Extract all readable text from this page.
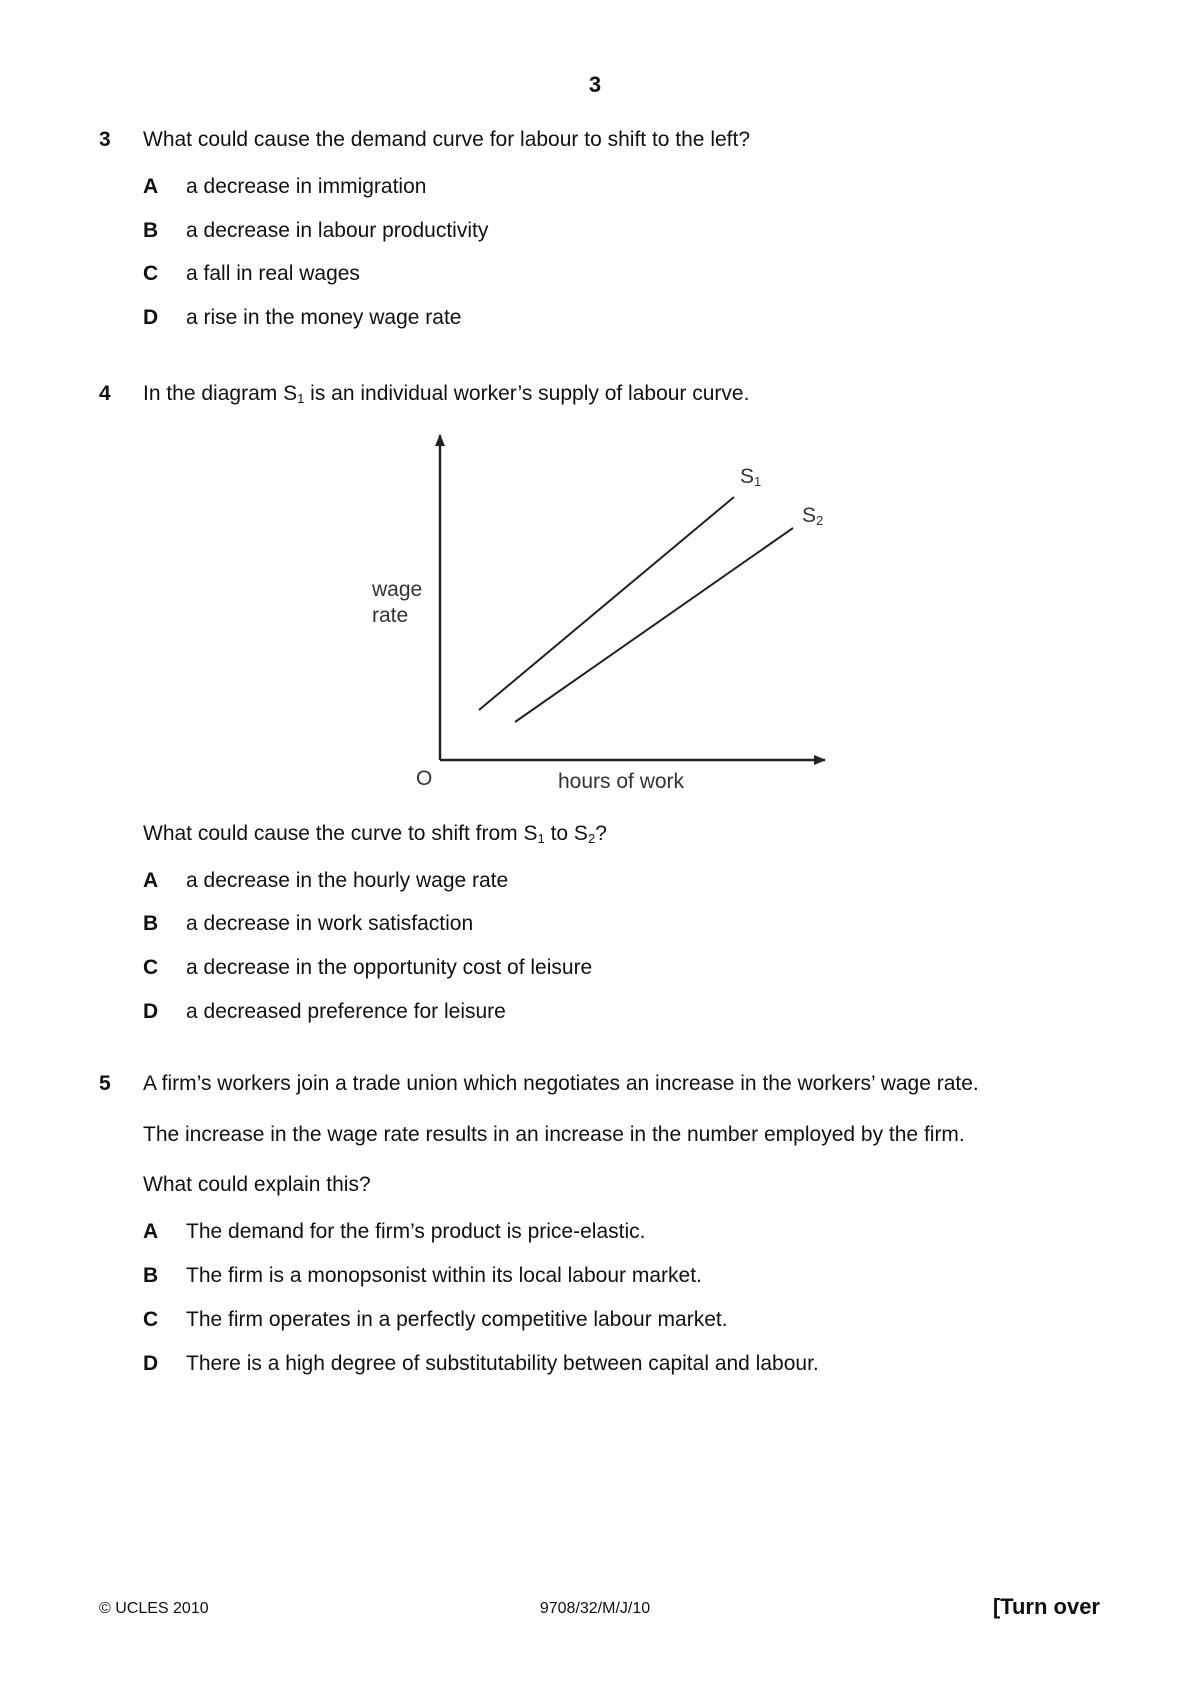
3
3 What could cause the demand curve for labour to shift to the left?
A a decrease in immigration
B a decrease in labour productivity
C a fall in real wages
D a rise in the money wage rate
4 In the diagram $S_1$ is an individual worker’s supply of labour curve.
wage
rate
O	hours of work
$S_1$
$S_2$
What could cause the curve to shift from $S_1$ to $S_2$?
A a decrease in the hourly wage rate
B a decrease in work satisfaction
C a decrease in the opportunity cost of leisure
D a decreased preference for leisure
5 A firm’s workers join a trade union which negotiates an increase in the workers’ wage rate.
The increase in the wage rate results in an increase in the number employed by the firm.
What could explain this?
A The demand for the firm’s product is price-elastic.
B The firm is a monopsonist within its local labour market.
C The firm operates in a perfectly competitive labour market.
D There is a high degree of substitutability between capital and labour.
© UCLES 2010	9708/32/M/J/10	[Turn over
